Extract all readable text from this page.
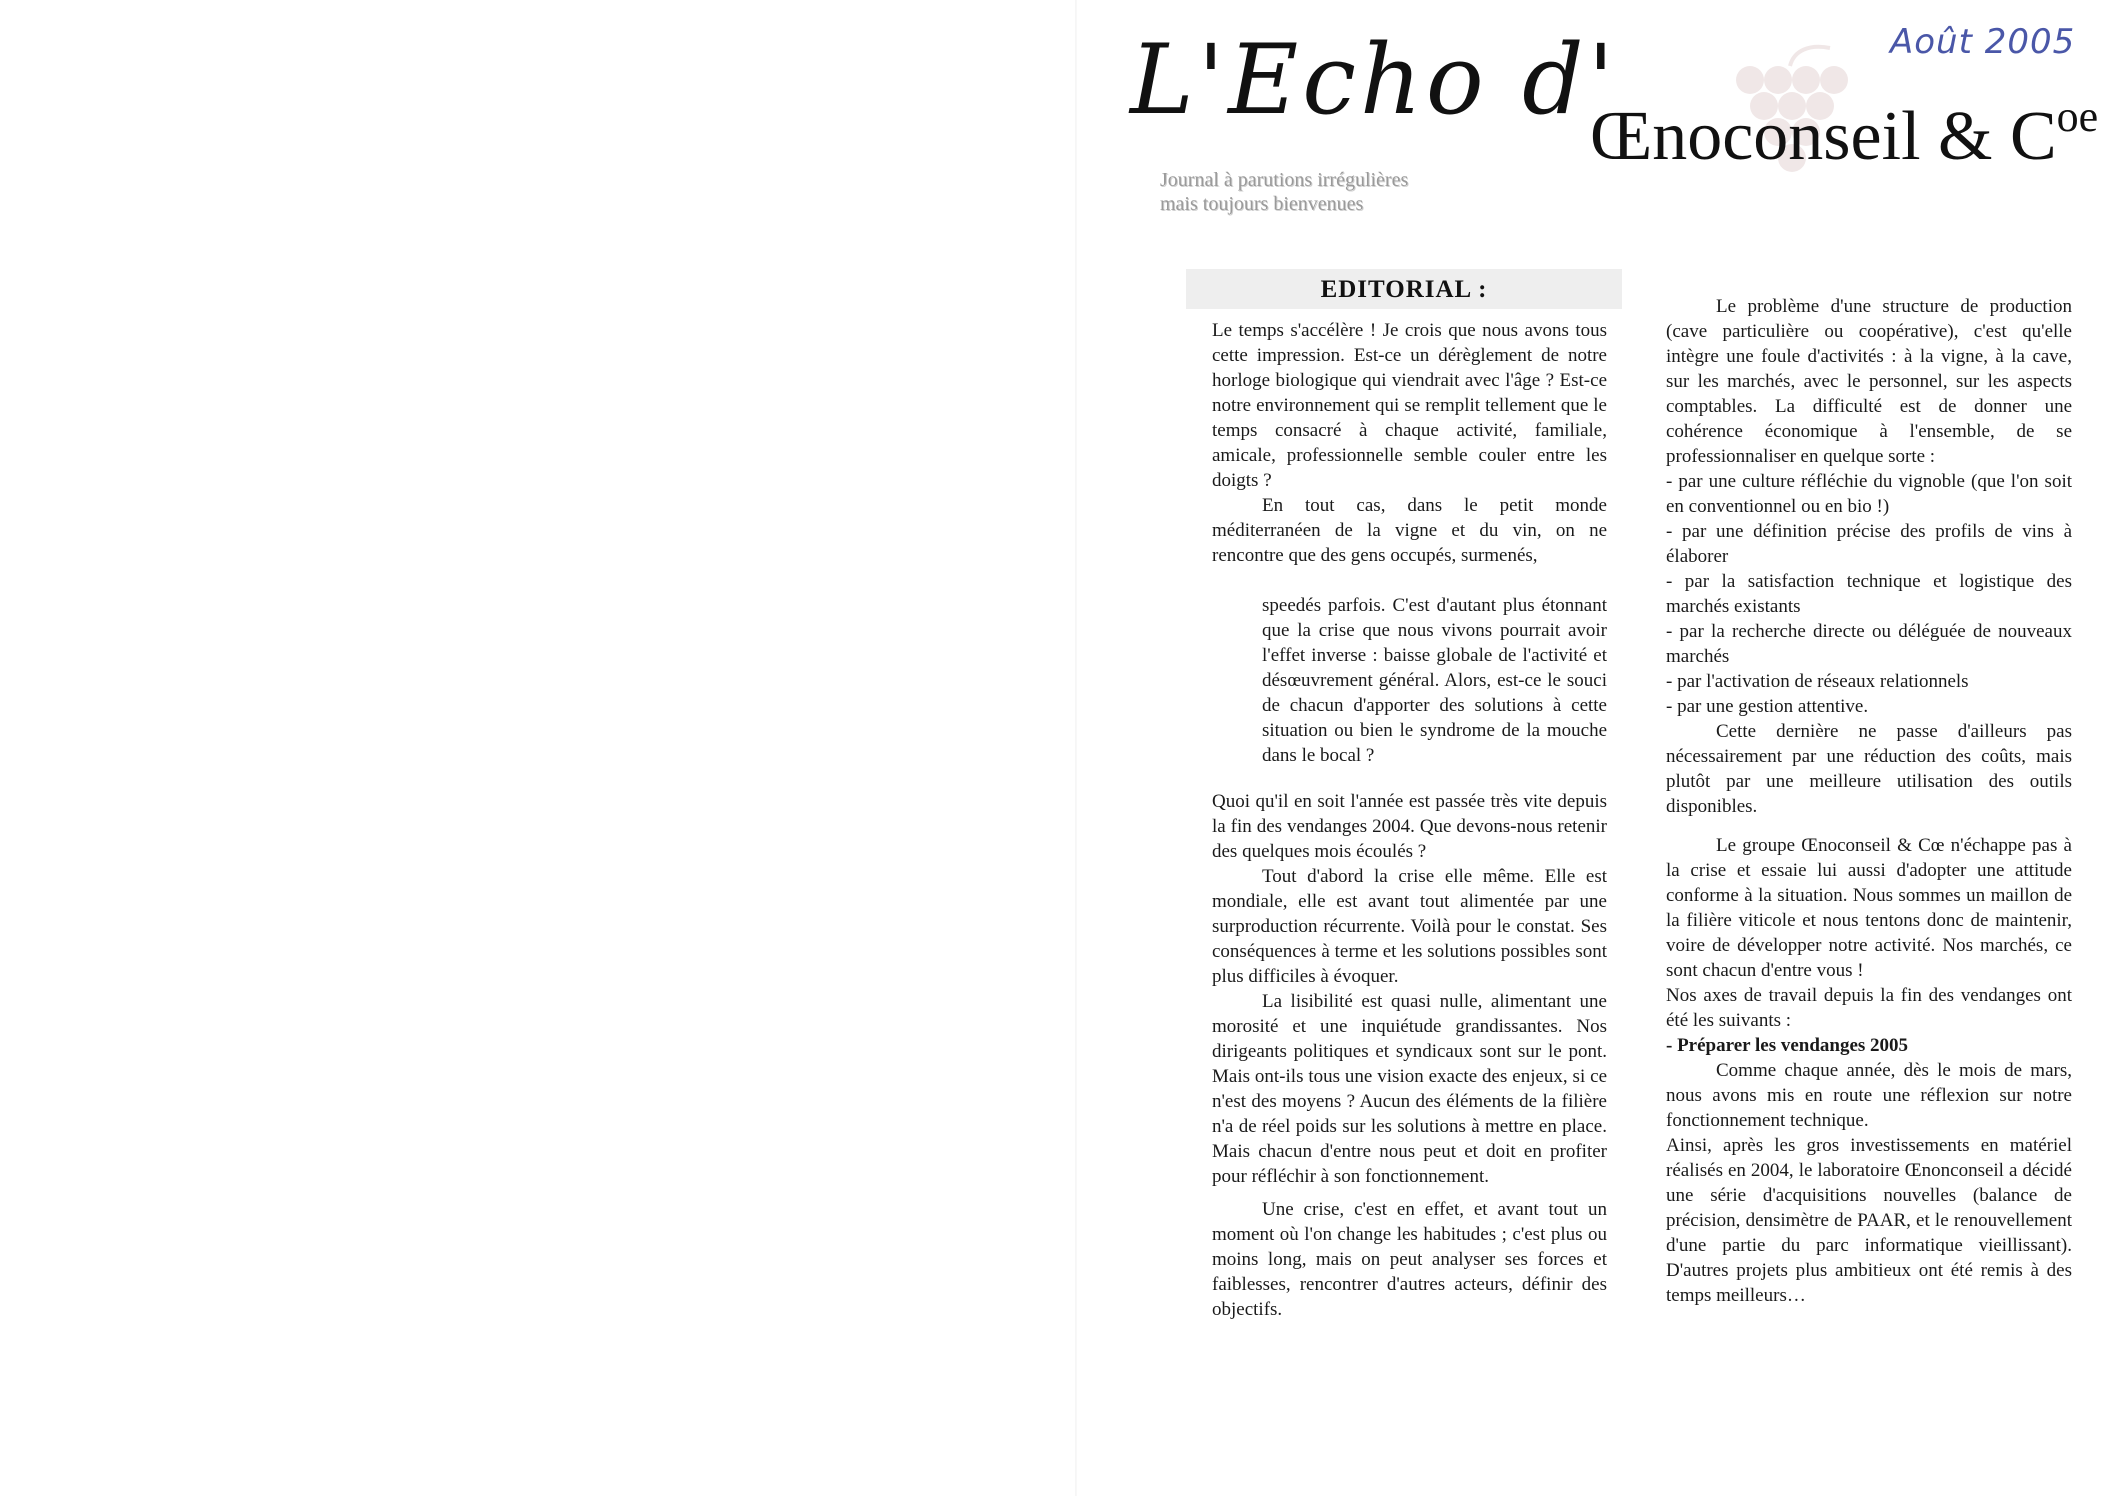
L'Echo d'
Œnoconseil & $C^{oe}$
Août 2005
Journal à parutions irrégulières
mais toujours bienvenues
EDITORIAL :

Le temps s'accélère ! Je crois que nous avons tous cette impression. Est-ce un dérèglement de notre horloge biologique qui viendrait avec l'âge ? Est-ce notre environnement qui se remplit tellement que le temps consacré à chaque activité, familiale, amicale, professionnelle semble couler entre les doigts ?

En tout cas, dans le petit monde méditerranéen de la vigne et du vin, on ne rencontre que des gens occupés, surmenés,

speedés parfois. C'est d'autant plus étonnant que la crise que nous vivons pourrait avoir l'effet inverse : baisse globale de l'activité et désœuvrement général. Alors, est-ce le souci de chacun d'apporter des solutions à cette situation ou bien le syndrome de la mouche dans le bocal ?

Quoi qu'il en soit l'année est passée très vite depuis la fin des vendanges 2004. Que devons-nous retenir des quelques mois écoulés ?

Tout d'abord la crise elle même. Elle est mondiale, elle est avant tout alimentée par une surproduction récurrente. Voilà pour le constat. Ses conséquences à terme et les solutions possibles sont plus difficiles à évoquer.

La lisibilité est quasi nulle, alimentant une morosité et une inquiétude grandissantes. Nos dirigeants politiques et syndicaux sont sur le pont. Mais ont-ils tous une vision exacte des enjeux, si ce n'est des moyens ? Aucun des éléments de la filière n'a de réel poids sur les solutions à mettre en place. Mais chacun d'entre nous peut et doit en profiter pour réfléchir à son fonctionnement.

Une crise, c'est en effet, et avant tout un moment où l'on change les habitudes ; c'est plus ou moins long, mais on peut analyser ses forces et faiblesses, rencontrer d'autres acteurs, définir des objectifs.

Le problème d'une structure de production (cave particulière ou coopérative), c'est qu'elle intègre une foule d'activités : à la vigne, à la cave, sur les marchés, avec le personnel, sur les aspects comptables. La difficulté est de donner une cohérence économique à l'ensemble, de se professionnaliser en quelque sorte :

- par une culture réfléchie du vignoble (que l'on soit en conventionnel ou en bio !)

- par une définition précise des profils de vins à élaborer

- par la satisfaction technique et logistique des marchés existants

- par la recherche directe ou déléguée de nouveaux marchés

- par l'activation de réseaux relationnels

- par une gestion attentive.

Cette dernière ne passe d'ailleurs pas nécessairement par une réduction des coûts, mais plutôt par une meilleure utilisation des outils disponibles.

Le groupe Œnoconseil & Cœ n'échappe pas à la crise et essaie lui aussi d'adopter une attitude conforme à la situation. Nous sommes un maillon de la filière viticole et nous tentons donc de maintenir, voire de développer notre activité. Nos marchés, ce sont chacun d'entre vous !

Nos axes de travail depuis la fin des vendanges ont été les suivants :

- Préparer les vendanges 2005

Comme chaque année, dès le mois de mars, nous avons mis en route une réflexion sur notre fonctionnement technique.

Ainsi, après les gros investissements en matériel réalisés en 2004, le laboratoire Œnonconseil a décidé une série d'acquisitions nouvelles (balance de précision, densimètre de PAAR, et le renouvellement d'une partie du parc informatique vieillissant). D'autres projets plus ambitieux ont été remis à des temps meilleurs…
